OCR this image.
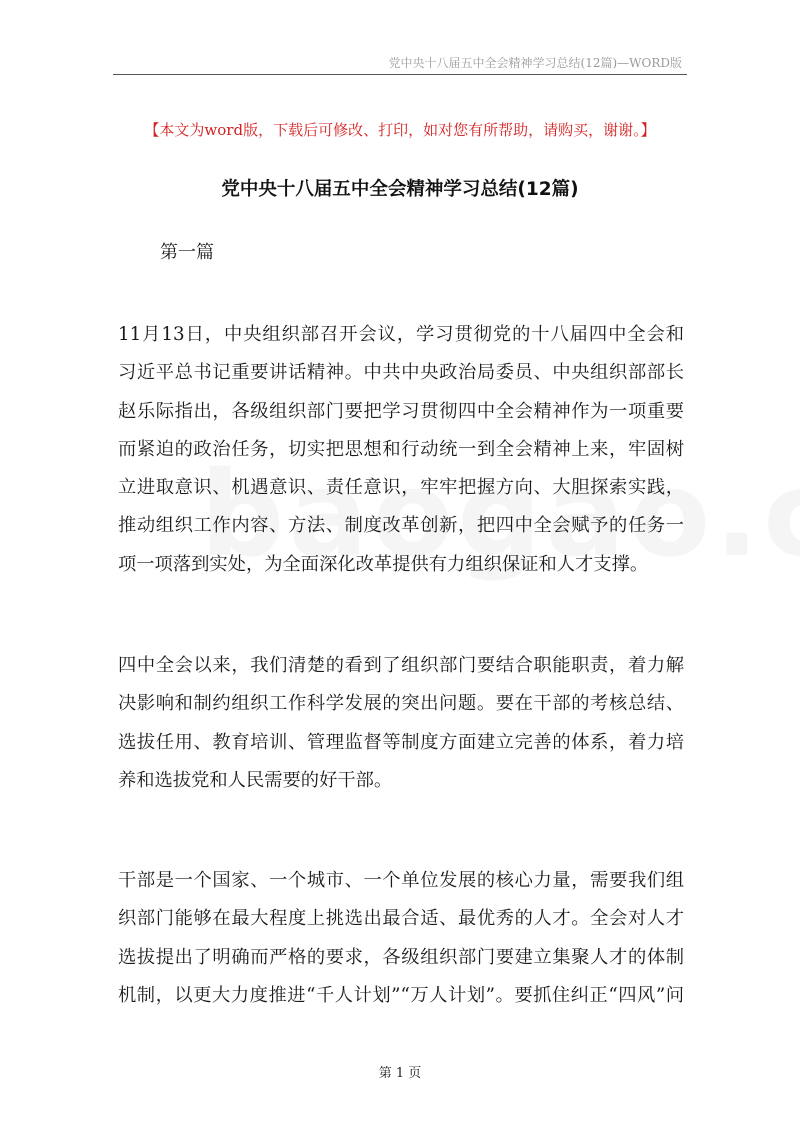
党中央十八届五中全会精神学习总结(12篇)—WORD版
【本文为word版，下载后可修改、打印，如对您有所帮助，请购买，谢谢。】
党中央十八届五中全会精神学习总结(12篇)
第一篇
11月13日，中央组织部召开会议，学习贯彻党的十八届四中全会和
习近平总书记重要讲话精神。中共中央政治局委员、中央组织部部长
赵乐际指出，各级组织部门要把学习贯彻四中全会精神作为一项重要
而紧迫的政治任务，切实把思想和行动统一到全会精神上来，牢固树
立进取意识、机遇意识、责任意识，牢牢把握方向、大胆探索实践，
推动组织工作内容、方法、制度改革创新，把四中全会赋予的任务一
项一项落到实处，为全面深化改革提供有力组织保证和人才支撑。
四中全会以来，我们清楚的看到了组织部门要结合职能职责，着力解
决影响和制约组织工作科学发展的突出问题。要在干部的考核总结、
选拔任用、教育培训、管理监督等制度方面建立完善的体系，着力培
养和选拔党和人民需要的好干部。
干部是一个国家、一个城市、一个单位发展的核心力量，需要我们组
织部门能够在最大程度上挑选出最合适、最优秀的人才。全会对人才
选拔提出了明确而严格的要求，各级组织部门要建立集聚人才的体制
机制，以更大力度推进“千人计划”“万人计划”。要抓住纠正“四风”问
第 1 页
